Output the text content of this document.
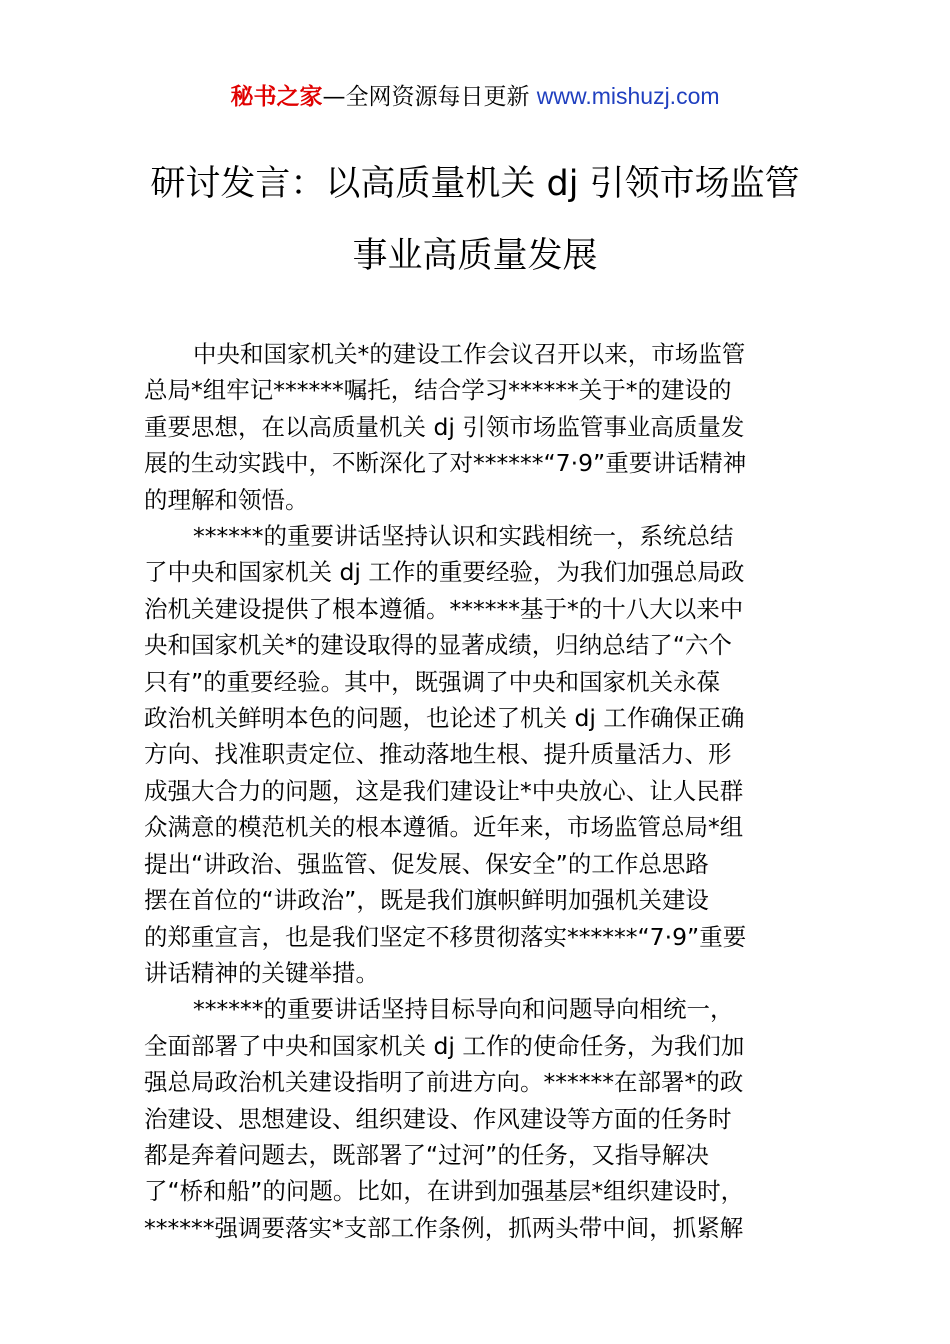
秘书之家—全网资源每日更新 www.mishuzj.com
研讨发言：以高质量机关 dj 引领市场监管
事业高质量发展

中央和国家机关*的建设工作会议召开以来，市场监管
总局*组牢记******嘱托，结合学习******关于*的建设的
重要思想，在以高质量机关 dj 引领市场监管事业高质量发
展的生动实践中，不断深化了对******“7·9”重要讲话精神
的理解和领悟。

******的重要讲话坚持认识和实践相统一，系统总结
了中央和国家机关 dj 工作的重要经验，为我们加强总局政
治机关建设提供了根本遵循。******基于*的十八大以来中
央和国家机关*的建设取得的显著成绩，归纳总结了“六个
只有”的重要经验。其中，既强调了中央和国家机关永葆
政治机关鲜明本色的问题，也论述了机关 dj 工作确保正确
方向、找准职责定位、推动落地生根、提升质量活力、形
成强大合力的问题，这是我们建设让*中央放心、让人民群
众满意的模范机关的根本遵循。近年来，市场监管总局*组
提出“讲政治、强监管、促发展、保安全”的工作总思路
摆在首位的“讲政治”，既是我们旗帜鲜明加强机关建设
的郑重宣言，也是我们坚定不移贯彻落实******“7·9”重要
讲话精神的关键举措。

******的重要讲话坚持目标导向和问题导向相统一，
全面部署了中央和国家机关 dj 工作的使命任务，为我们加
强总局政治机关建设指明了前进方向。******在部署*的政
治建设、思想建设、组织建设、作风建设等方面的任务时
都是奔着问题去，既部署了“过河”的任务，又指导解决
了“桥和船”的问题。比如，在讲到加强基层*组织建设时，
******强调要落实*支部工作条例，抓两头带中间，抓紧解
